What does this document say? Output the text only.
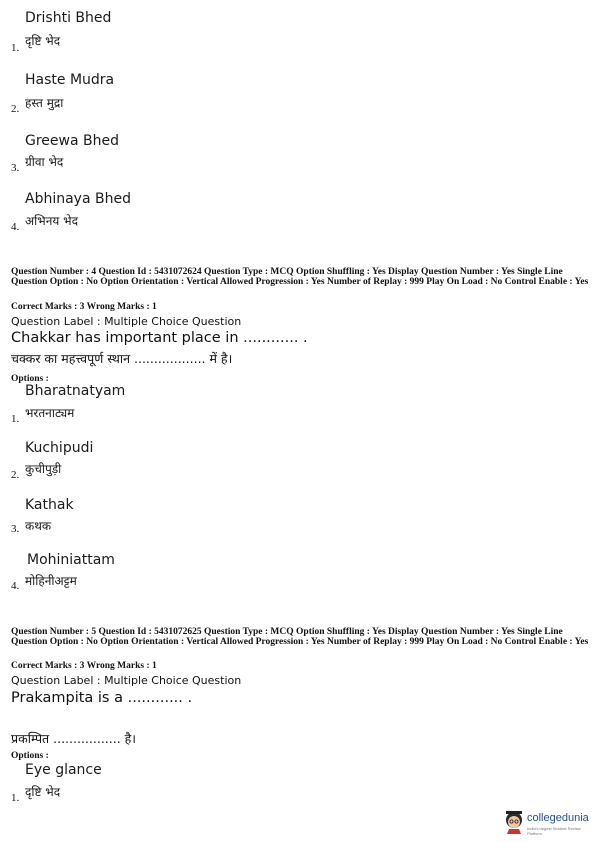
Drishti Bhed
दृष्टि भेद
1.
Haste Mudra
हस्त मुद्रा
2.
Greewa Bhed
ग्रीवा भेद
3.
Abhinaya Bhed
अभिनय भेद
4.
Question Number : 4 Question Id : 5431072624 Question Type : MCQ Option Shuffling : Yes Display Question Number : Yes Single Line Question Option : No Option Orientation : Vertical Allowed Progression : Yes Number of Replay : 999 Play On Load : No Control Enable : Yes
Correct Marks : 3 Wrong Marks : 1
Question Label : Multiple Choice Question
Chakkar has important place in ............ .
चक्कर का महत्त्वपूर्ण स्थान .................. में है।
Options :
Bharatnatyam
भरतनाट्यम
1.
Kuchipudi
कुचीपुड़ी
2.
Kathak
कथक
3.
Mohiniattam
मोहिनीअट्टम
4.
Question Number : 5 Question Id : 5431072625 Question Type : MCQ Option Shuffling : Yes Display Question Number : Yes Single Line Question Option : No Option Orientation : Vertical Allowed Progression : Yes Number of Replay : 999 Play On Load : No Control Enable : Yes
Correct Marks : 3 Wrong Marks : 1
Question Label : Multiple Choice Question
Prakampita is a ............ .
प्रकम्पित ................. है।
Options :
Eye glance
दृष्टि भेद
1.
collegedunia
India's largest Student Review Platform
